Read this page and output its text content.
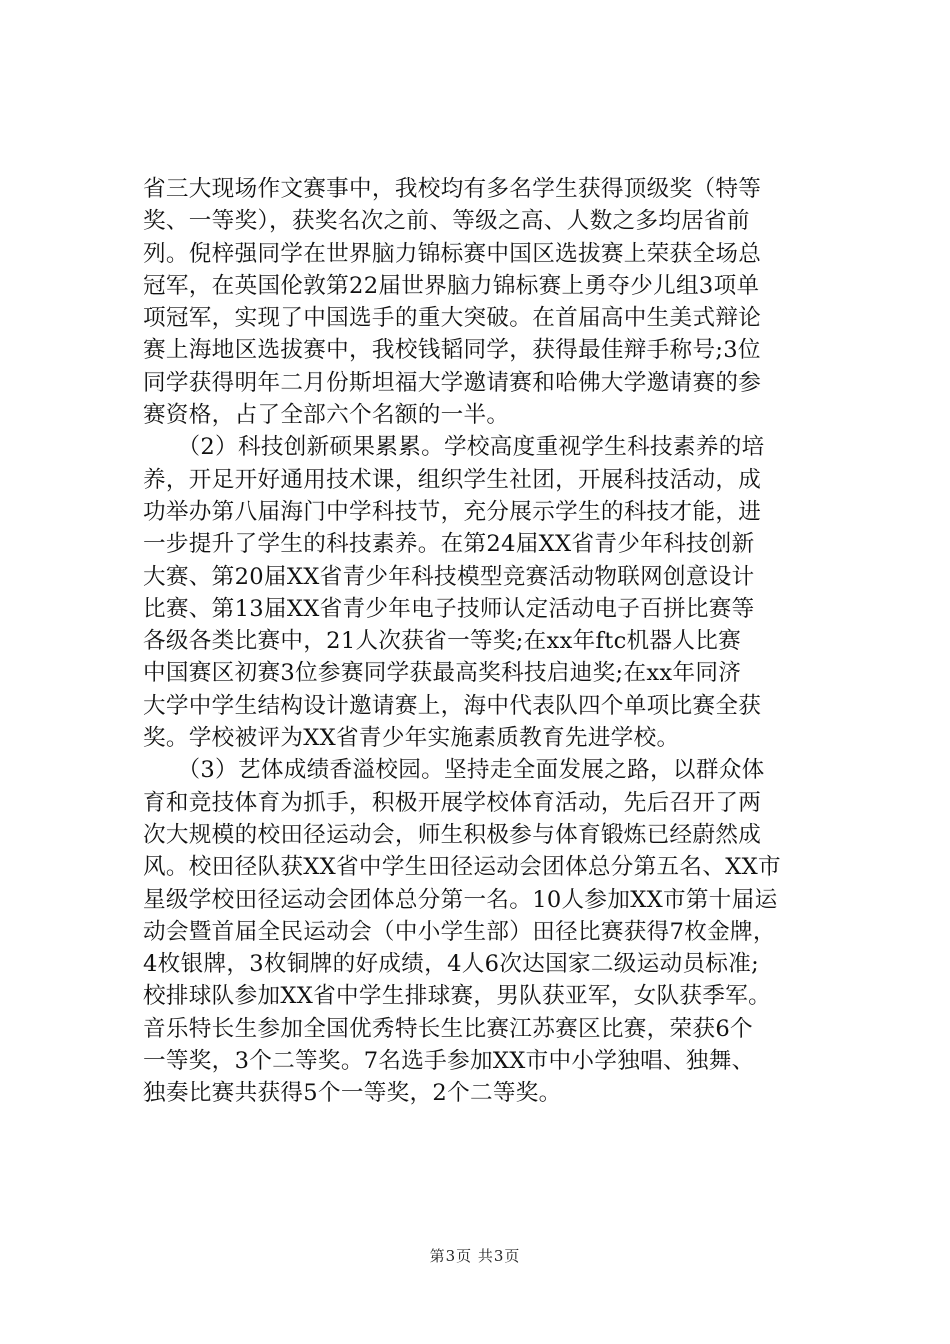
省三大现场作文赛事中，我校均有多名学生获得顶级奖（特等
奖、一等奖），获奖名次之前、等级之高、人数之多均居省前
列。倪梓强同学在世界脑力锦标赛中国区选拔赛上荣获全场总
冠军，在英国伦敦第22届世界脑力锦标赛上勇夺少儿组3项单
项冠军，实现了中国选手的重大突破。在首届高中生美式辩论
赛上海地区选拔赛中，我校钱韬同学，获得最佳辩手称号;3位
同学获得明年二月份斯坦福大学邀请赛和哈佛大学邀请赛的参
赛资格，占了全部六个名额的一半。
　　（2）科技创新硕果累累。学校高度重视学生科技素养的培
养，开足开好通用技术课，组织学生社团，开展科技活动，成
功举办第八届海门中学科技节，充分展示学生的科技才能，进
一步提升了学生的科技素养。在第24届XX省青少年科技创新
大赛、第20届XX省青少年科技模型竞赛活动物联网创意设计
比赛、第13届XX省青少年电子技师认定活动电子百拼比赛等
各级各类比赛中，21人次获省一等奖;在xx年ftc机器人比赛
中国赛区初赛3位参赛同学获最高奖科技启迪奖;在xx年同济
大学中学生结构设计邀请赛上，海中代表队四个单项比赛全获
奖。学校被评为XX省青少年实施素质教育先进学校。
　　（3）艺体成绩香溢校园。坚持走全面发展之路，以群众体
育和竞技体育为抓手，积极开展学校体育活动，先后召开了两
次大规模的校田径运动会，师生积极参与体育锻炼已经蔚然成
风。校田径队获XX省中学生田径运动会团体总分第五名、XX市
星级学校田径运动会团体总分第一名。10人参加XX市第十届运
动会暨首届全民运动会（中小学生部）田径比赛获得7枚金牌，
4枚银牌，3枚铜牌的好成绩，4人6次达国家二级运动员标准;
校排球队参加XX省中学生排球赛，男队获亚军，女队获季军。
音乐特长生参加全国优秀特长生比赛江苏赛区比赛，荣获6个
一等奖，3个二等奖。7名选手参加XX市中小学独唱、独舞、
独奏比赛共获得5个一等奖，2个二等奖。
第3页 共3页
